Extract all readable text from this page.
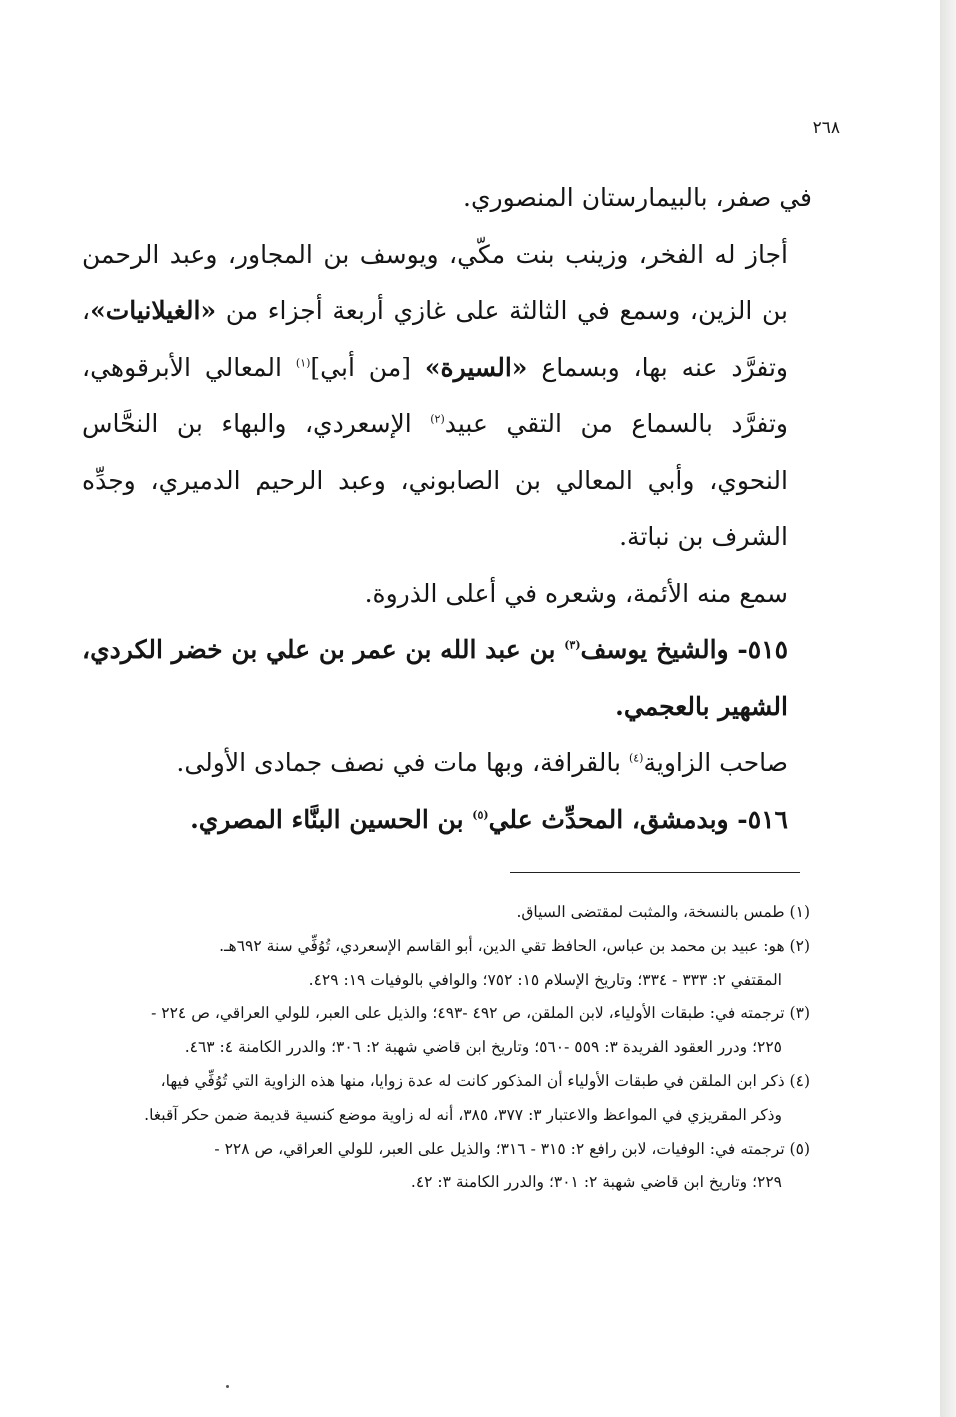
٢٦٨

في صفر، بالبيمارستان المنصوري.

أجاز له الفخر، وزينب بنت مكّي، ويوسف بن المجاور، وعبد الرحمن بن الزين، وسمع في الثالثة على غازي أربعة أجزاء من «الغيلانيات»، وتفرَّد عنه بها، وبسماع «السيرة» [من أبي]$^{(١)}$ المعالي الأبرقوهي، وتفرَّد بالسماع من التقي عبيد$^{(٢)}$ الإسعردي، والبهاء بن النحَّاس النحوي، وأبي المعالي بن الصابوني، وعبد الرحيم الدميري، وجدِّه الشرف بن نباتة.

سمع منه الأئمة، وشعره في أعلى الذروة.

٥١٥- والشيخ يوسف$^{(٣)}$ بن عبد الله بن عمر بن علي بن خضر الكردي، الشهير بالعجمي.

صاحب الزاوية$^{(٤)}$ بالقرافة، وبها مات في نصف جمادى الأولى.

٥١٦- وبدمشق، المحدِّث علي$^{(٥)}$ بن الحسين البنَّاء المصري.

(١) طمس بالنسخة، والمثبت لمقتضى السياق.

(٢) هو: عبيد بن محمد بن عباس، الحافظ تقي الدين، أبو القاسم الإسعردي، تُوُفِّي سنة ٦٩٢هـ.

المقتفي ٢: ٣٣٣ - ٣٣٤؛ وتاريخ الإسلام ١٥: ٧٥٢؛ والوافي بالوفيات ١٩: ٤٢٩.

(٣) ترجمته في: طبقات الأولياء، لابن الملقن، ص ٤٩٢ -٤٩٣؛ والذيل على العبر، للولي العراقي، ص ٢٢٤ -

٢٢٥؛ ودرر العقود الفريدة ٣: ٥٥٩ -٥٦٠؛ وتاريخ ابن قاضي شهبة ٢: ٣٠٦؛ والدرر الكامنة ٤: ٤٦٣.

(٤) ذكر ابن الملقن في طبقات الأولياء أن المذكور كانت له عدة زوايا، منها هذه الزاوية التي تُوُفِّي فيها،

وذكر المقريزي في المواعظ والاعتبار ٣: ٣٧٧، ٣٨٥، أنه له زاوية موضع كنسية قديمة ضمن حكر آقبغا.

(٥) ترجمته في: الوفيات، لابن رافع ٢: ٣١٥ - ٣١٦؛ والذيل على العبر، للولي العراقي، ص ٢٢٨ -

٢٢٩؛ وتاريخ ابن قاضي شهبة ٢: ٣٠١؛ والدرر الكامنة ٣: ٤٢.
